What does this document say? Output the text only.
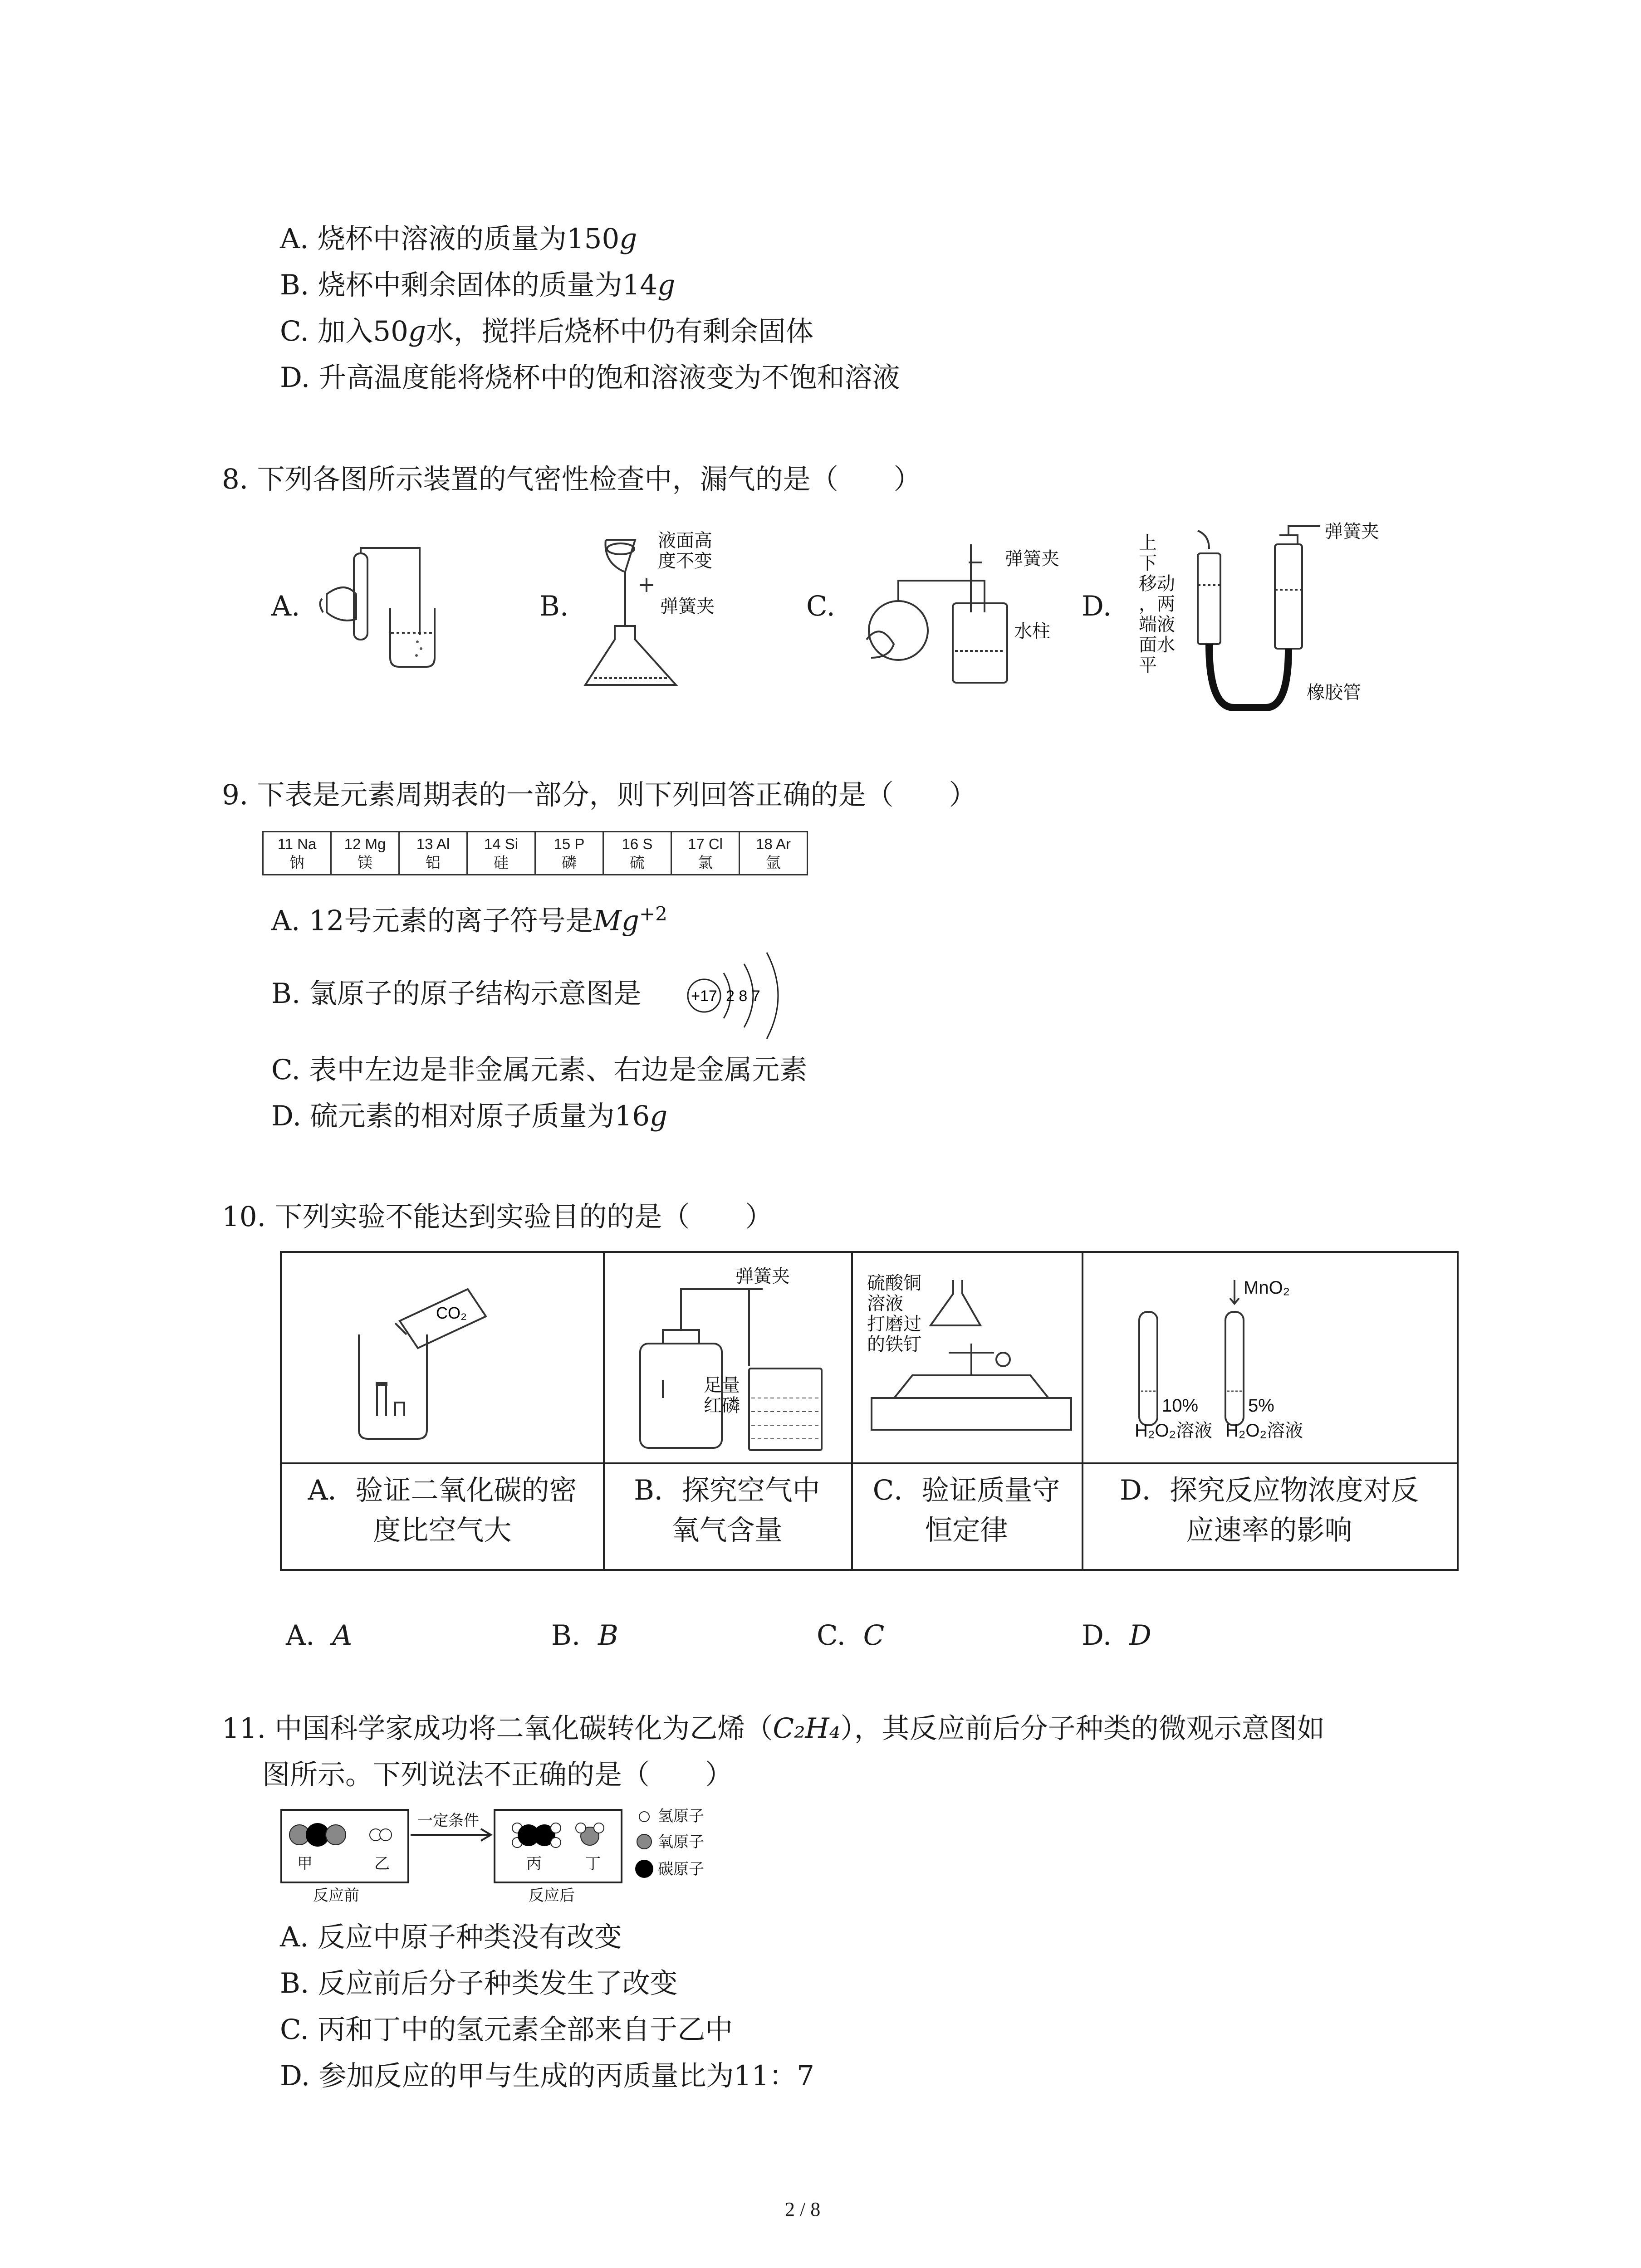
A. 烧杯中溶液的质量为150g
B. 烧杯中剩余固体的质量为14g
C. 加入50g水，搅拌后烧杯中仍有剩余固体
D. 升高温度能将烧杯中的饱和溶液变为不饱和溶液
8. 下列各图所示装置的气密性检查中，漏气的是（　　）
A.	B.	C.	D.
液面高
度不变
弹簧夹
弹簧夹
水柱
上
下
移动
，两
端液
面水
平
弹簧夹
橡胶管
9. 下表是元素周期表的一部分，则下列回答正确的是（　　）
11 Na
钠

12 Mg
镁

13 Al
铝

14 Si
硅

15 P
磷

16 S
硫

17 Cl
氯

18 Ar
氩
A. 12号元素的离子符号是$Mg^{+2}$
B. 氯原子的原子结构示意图是	+17 2 8 7
C. 表中左边是非金属元素、右边是金属元素
D. 硫元素的相对原子质量为16g
10. 下列实验不能达到实验目的的是（　　）
CO₂
弹簧夹
足量
红磷
硫酸铜
溶液
打磨过
的铁钉
MnO₂
10%
H₂O₂溶液
5%
H₂O₂溶液
A．验证二氧化碳的密
度比空气大
B．探究空气中
氧气含量
C．验证质量守
恒定律
D．探究反应物浓度对反
应速率的影响
A. A	B. B	C. C	D. D
11. 中国科学家成功将二氧化碳转化为乙烯（C₂H₄），其反应前后分子种类的微观示意图如
图所示。下列说法不正确的是（　　）
一定条件
甲	乙	丙	丁
反应前	反应后
氢原子
氧原子
碳原子
A. 反应中原子种类没有改变
B. 反应前后分子种类发生了改变
C. 丙和丁中的氢元素全部来自于乙中
D. 参加反应的甲与生成的丙质量比为11：7
2 / 8
